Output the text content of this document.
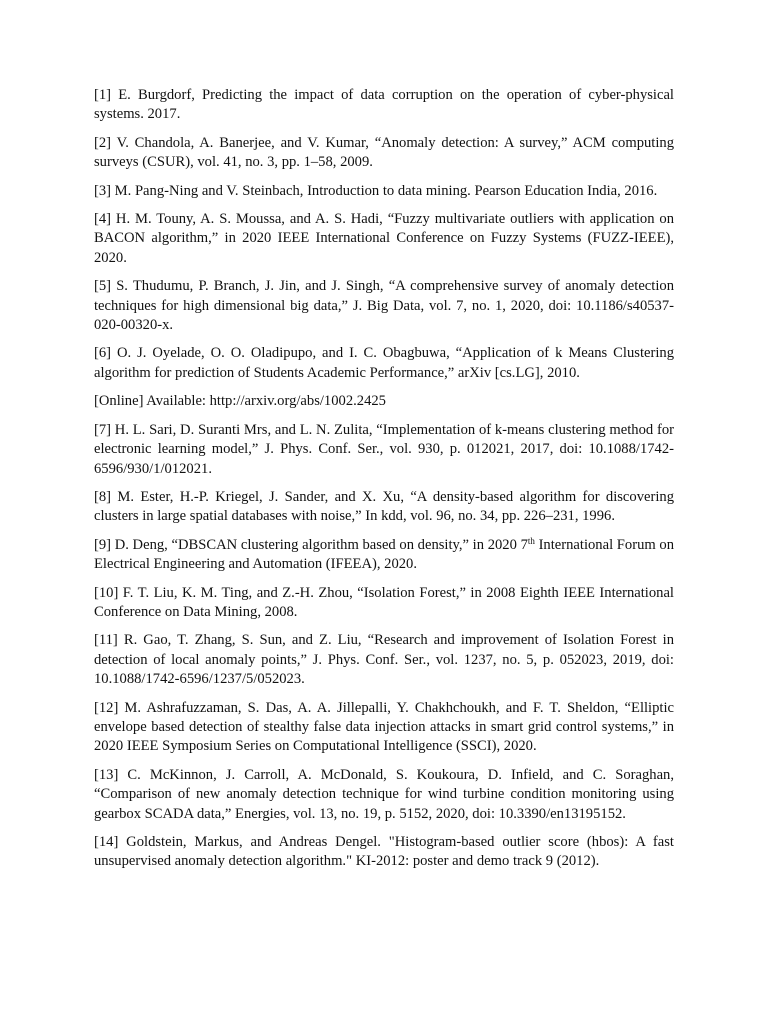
[1] E. Burgdorf, Predicting the impact of data corruption on the operation of cyber-physical systems. 2017.

[2] V. Chandola, A. Banerjee, and V. Kumar, “Anomaly detection: A survey,” ACM computing surveys (CSUR), vol. 41, no. 3, pp. 1–58, 2009.

[3] M. Pang-Ning and V. Steinbach, Introduction to data mining. Pearson Education India, 2016.

[4] H. M. Touny, A. S. Moussa, and A. S. Hadi, “Fuzzy multivariate outliers with application on BACON algorithm,” in 2020 IEEE International Conference on Fuzzy Systems (FUZZ-IEEE), 2020.

[5] S. Thudumu, P. Branch, J. Jin, and J. Singh, “A comprehensive survey of anomaly detection techniques for high dimensional big data,” J. Big Data, vol. 7, no. 1, 2020, doi: 10.1186/s40537-020-00320-x.

[6] O. J. Oyelade, O. O. Oladipupo, and I. C. Obagbuwa, “Application of k Means Clustering algorithm for prediction of Students Academic Performance,” arXiv [cs.LG], 2010.

[Online] Available: http://arxiv.org/abs/1002.2425

[7] H. L. Sari, D. Suranti Mrs, and L. N. Zulita, “Implementation of k-means clustering method for electronic learning model,” J. Phys. Conf. Ser., vol. 930, p. 012021, 2017, doi: 10.1088/1742-6596/930/1/012021.

[8] M. Ester, H.-P. Kriegel, J. Sander, and X. Xu, “A density-based algorithm for discovering clusters in large spatial databases with noise,” In kdd, vol. 96, no. 34, pp. 226–231, 1996.

[9] D. Deng, “DBSCAN clustering algorithm based on density,” in 2020 7th International Forum on Electrical Engineering and Automation (IFEEA), 2020.

[10] F. T. Liu, K. M. Ting, and Z.-H. Zhou, “Isolation Forest,” in 2008 Eighth IEEE International Conference on Data Mining, 2008.

[11] R. Gao, T. Zhang, S. Sun, and Z. Liu, “Research and improvement of Isolation Forest in detection of local anomaly points,” J. Phys. Conf. Ser., vol. 1237, no. 5, p. 052023, 2019, doi: 10.1088/1742-6596/1237/5/052023.

[12] M. Ashrafuzzaman, S. Das, A. A. Jillepalli, Y. Chakhchoukh, and F. T. Sheldon, “Elliptic envelope based detection of stealthy false data injection attacks in smart grid control systems,” in 2020 IEEE Symposium Series on Computational Intelligence (SSCI), 2020.

[13] C. McKinnon, J. Carroll, A. McDonald, S. Koukoura, D. Infield, and C. Soraghan, “Comparison of new anomaly detection technique for wind turbine condition monitoring using gearbox SCADA data,” Energies, vol. 13, no. 19, p. 5152, 2020, doi: 10.3390/en13195152.

[14] Goldstein, Markus, and Andreas Dengel. "Histogram-based outlier score (hbos): A fast unsupervised anomaly detection algorithm." KI-2012: poster and demo track 9 (2012).
